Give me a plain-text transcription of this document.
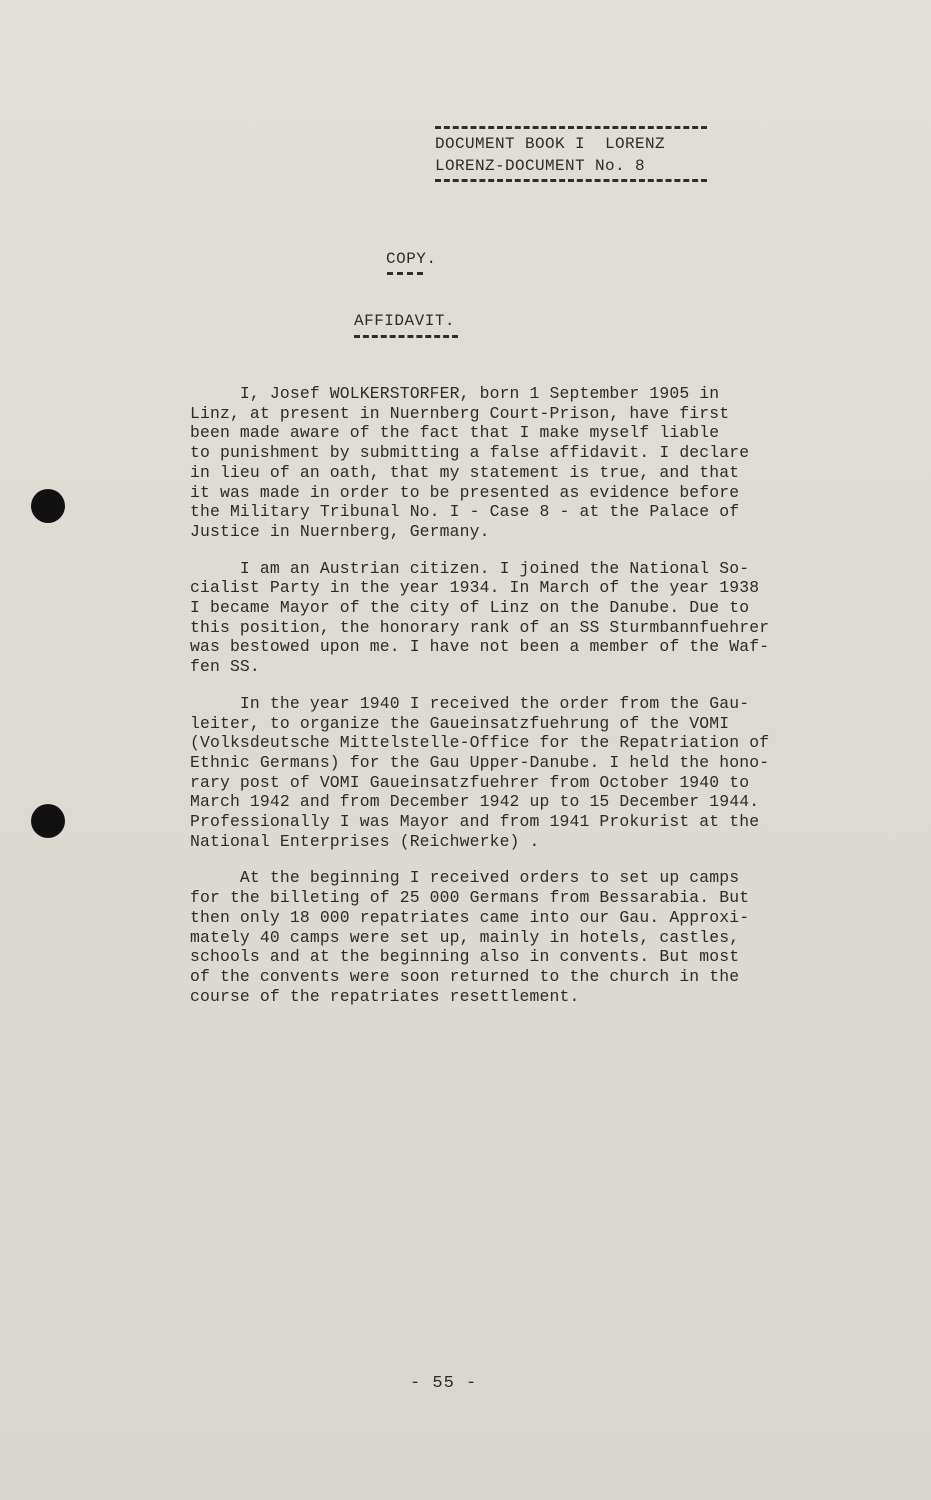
DOCUMENT BOOK I  LORENZ
LORENZ-DOCUMENT No. 8
COPY.
AFFIDAVIT.
I, Josef WOLKERSTORFER, born 1 September 1905 in
Linz, at present in Nuernberg Court-Prison, have first
been made aware of the fact that I make myself liable
to punishment by submitting a false affidavit. I declare
in lieu of an oath, that my statement is true, and that
it was made in order to be presented as evidence before
the Military Tribunal No. I - Case 8 - at the Palace of
Justice in Nuernberg, Germany.
I am an Austrian citizen. I joined the National So-
cialist Party in the year 1934. In March of the year 1938
I became Mayor of the city of Linz on the Danube. Due to
this position, the honorary rank of an SS Sturmbannfuehrer
was bestowed upon me. I have not been a member of the Waf-
fen SS.
In the year 1940 I received the order from the Gau-
leiter, to organize the Gaueinsatzfuehrung of the VOMI
(Volksdeutsche Mittelstelle-Office for the Repatriation of
Ethnic Germans) for the Gau Upper-Danube. I held the hono-
rary post of VOMI Gaueinsatzfuehrer from October 1940 to
March 1942 and from December 1942 up to 15 December 1944.
Professionally I was Mayor and from 1941 Prokurist at the
National Enterprises (Reichwerke) .
At the beginning I received orders to set up camps
for the billeting of 25 000 Germans from Bessarabia. But
then only 18 000 repatriates came into our Gau. Approxi-
mately 40 camps were set up, mainly in hotels, castles,
schools and at the beginning also in convents. But most
of the convents were soon returned to the church in the
course of the repatriates resettlement.
- 55 -
